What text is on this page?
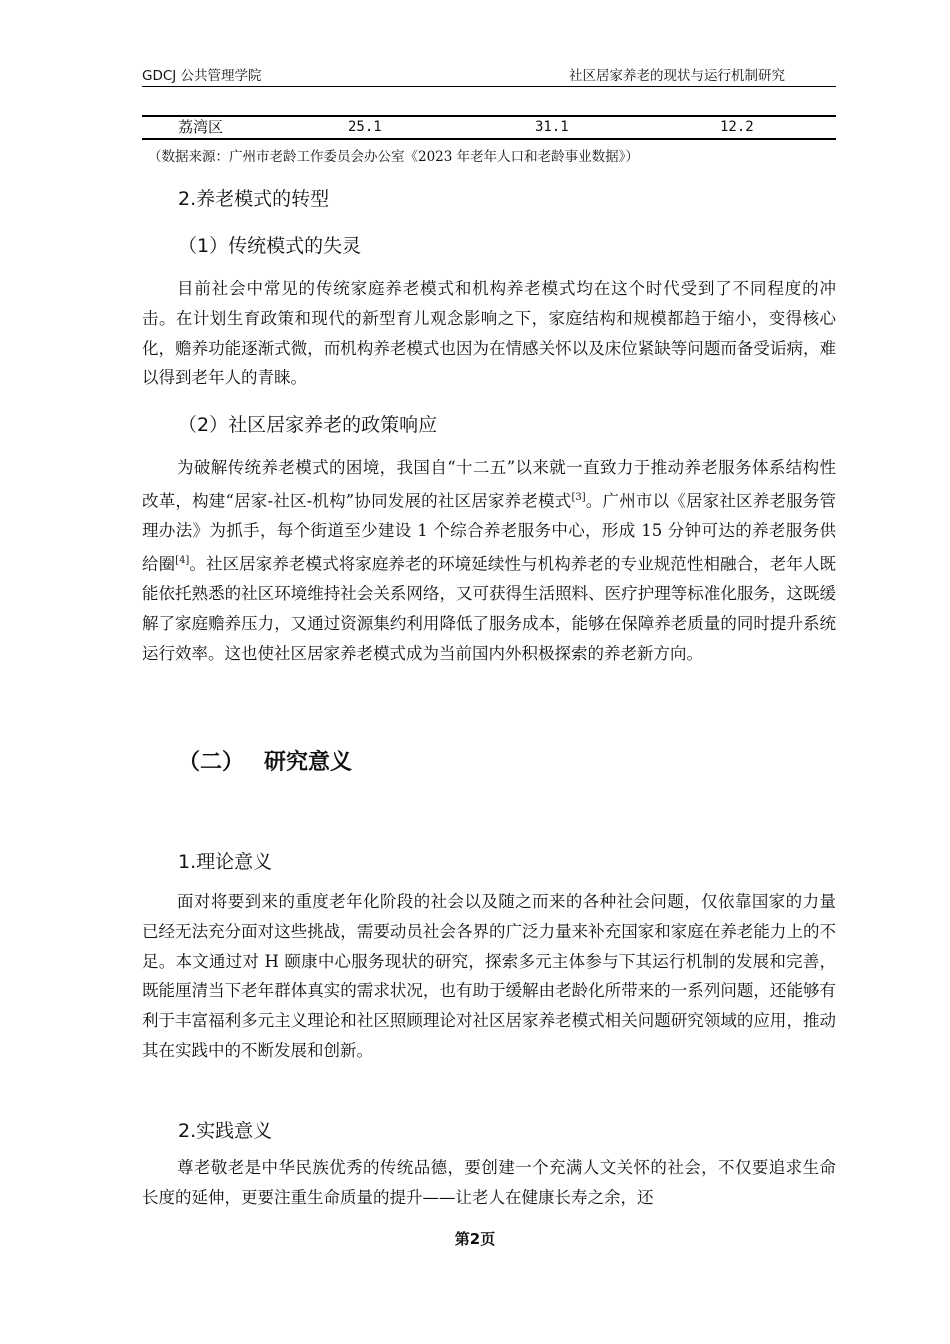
GDCJ 公共管理学院	社区居家养老的现状与运行机制研究
荔湾区	25.1	31.1	12.2
（数据来源：广州市老龄工作委员会办公室《2023 年老年人口和老龄事业数据》）
2.养老模式的转型
（1）传统模式的失灵

目前社会中常见的传统家庭养老模式和机构养老模式均在这个时代受到了不同程度的冲击。在计划生育政策和现代的新型育儿观念影响之下，家庭结构和规模都趋于缩小，变得核心化，赡养功能逐渐式微，而机构养老模式也因为在情感关怀以及床位紧缺等问题而备受诟病，难以得到老年人的青睐。

（2）社区居家养老的政策响应

为破解传统养老模式的困境，我国自“十二五”以来就一直致力于推动养老服务体系结构性改革，构建“居家-社区-机构”协同发展的社区居家养老模式[3]。广州市以《居家社区养老服务管理办法》为抓手，每个街道至少建设 1 个综合养老服务中心，形成 15 分钟可达的养老服务供给圈[4]。社区居家养老模式将家庭养老的环境延续性与机构养老的专业规范性相融合，老年人既能依托熟悉的社区环境维持社会关系网络，又可获得生活照料、医疗护理等标准化服务，这既缓解了家庭赡养压力，又通过资源集约利用降低了服务成本，能够在保障养老质量的同时提升系统运行效率。这也使社区居家养老模式成为当前国内外积极探索的养老新方向。

（二） 研究意义
1.理论意义

面对将要到来的重度老年化阶段的社会以及随之而来的各种社会问题，仅依靠国家的力量已经无法充分面对这些挑战，需要动员社会各界的广泛力量来补充国家和家庭在养老能力上的不足。本文通过对 H 颐康中心服务现状的研究，探索多元主体参与下其运行机制的发展和完善，既能厘清当下老年群体真实的需求状况，也有助于缓解由老龄化所带来的一系列问题，还能够有利于丰富福利多元主义理论和社区照顾理论对社区居家养老模式相关问题研究领域的应用，推动其在实践中的不断发展和创新。

2.实践意义

尊老敬老是中华民族优秀的传统品德，要创建一个充满人文关怀的社会，不仅要追求生命长度的延伸，更要注重生命质量的提升——让老人在健康长寿之余，还

第2页
